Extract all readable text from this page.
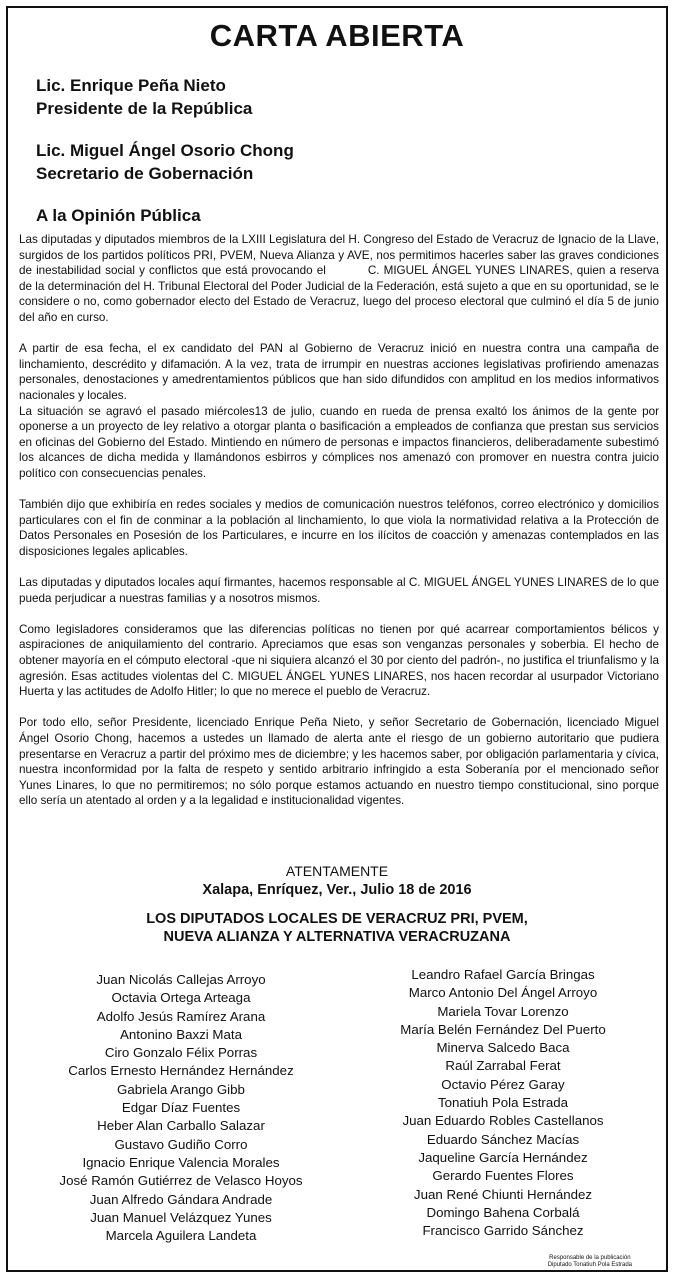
CARTA ABIERTA
Lic. Enrique Peña Nieto
Presidente de la República
Lic. Miguel Ángel Osorio Chong
Secretario de Gobernación
A la Opinión Pública

Las diputadas y diputados miembros de la LXIII Legislatura del H. Congreso del Estado de Veracruz de Ignacio de la Llave, surgidos de los partidos políticos PRI, PVEM, Nueva Alianza y AVE, nos permitimos hacerles saber las graves condiciones de inestabilidad social y conflictos que está provocando el	C. MIGUEL ÁNGEL YUNES LINARES, quien a reserva de la determinación del H. Tribunal Electoral del Poder Judicial de la Federación, está sujeto a que en su oportunidad, se le considere o no, como gobernador electo del Estado de Veracruz, luego del proceso electoral que culminó el día 5 de junio del año en curso.

A partir de esa fecha, el ex candidato del PAN al Gobierno de Veracruz inició en nuestra contra una campaña de linchamiento, descrédito y difamación. A la vez, trata de irrumpir en nuestras acciones legislativas profiriendo amenazas personales, denostaciones y amedrentamientos públicos que han sido difundidos con amplitud en los medios informativos nacionales y locales.

La situación se agravó el pasado miércoles13 de julio, cuando en rueda de prensa exaltó los ánimos de la gente por oponerse a un proyecto de ley relativo a otorgar planta o basificación a empleados de confianza que prestan sus servicios en oficinas del Gobierno del Estado. Mintiendo en número de personas e impactos financieros, deliberadamente subestimó los alcances de dicha medida y llamándonos esbirros y cómplices nos amenazó con promover en nuestra contra juicio político con consecuencias penales.

También dijo que exhibiría en redes sociales y medios de comunicación nuestros teléfonos, correo electrónico y domicilios particulares con el fin de conminar a la población al linchamiento, lo que viola la normatividad relativa a la Protección de Datos Personales en Posesión de los Particulares, e incurre en los ilícitos de coacción y amenazas contemplados en las disposiciones legales aplicables.

Las diputadas y diputados locales aquí firmantes, hacemos responsable al C. MIGUEL ÁNGEL YUNES LINARES de lo que pueda perjudicar a nuestras familias y a nosotros mismos.

Como legisladores consideramos que las diferencias políticas no tienen por qué acarrear comportamientos bélicos y aspiraciones de aniquilamiento del contrario. Apreciamos que esas son venganzas personales y soberbia. El hecho de obtener mayoría en el cómputo electoral -que ni siquiera alcanzó el 30 por ciento del padrón-, no justifica el triunfalismo y la agresión. Esas actitudes violentas del C. MIGUEL ÁNGEL YUNES LINARES, nos hacen recordar al usurpador Victoriano Huerta y las actitudes de Adolfo Hitler; lo que no merece el pueblo de Veracruz.

Por todo ello, señor Presidente, licenciado Enrique Peña Nieto, y señor Secretario de Gobernación, licenciado Miguel Ángel Osorio Chong, hacemos a ustedes un llamado de alerta ante el riesgo de un gobierno autoritario que pudiera presentarse en Veracruz a partir del próximo mes de diciembre; y les hacemos saber, por obligación parlamentaria y cívica, nuestra inconformidad por la falta de respeto y sentido arbitrario infringido a esta Soberanía por el mencionado señor Yunes Linares, lo que no permitiremos; no sólo porque estamos actuando en nuestro tiempo constitucional, sino porque ello sería un atentado al orden y a la legalidad e institucionalidad vigentes.

ATENTAMENTE
Xalapa, Enríquez, Ver., Julio 18 de 2016
LOS DIPUTADOS LOCALES DE VERACRUZ PRI, PVEM,
NUEVA ALIANZA Y ALTERNATIVA VERACRUZANA
Juan Nicolás Callejas Arroyo
Octavia Ortega Arteaga
Adolfo Jesús Ramírez Arana
Antonino Baxzi Mata
Ciro Gonzalo Félix Porras
Carlos Ernesto Hernández Hernández
Gabriela Arango Gibb
Edgar Díaz Fuentes
Heber Alan Carballo Salazar
Gustavo Gudiño Corro
Ignacio Enrique Valencia Morales
José Ramón Gutiérrez de Velasco Hoyos
Juan Alfredo Gándara Andrade
Juan Manuel Velázquez Yunes
Marcela Aguilera Landeta
Leandro Rafael García Bringas
Marco Antonio Del Ángel Arroyo
Mariela Tovar Lorenzo
María Belén Fernández Del Puerto
Minerva Salcedo Baca
Raúl Zarrabal Ferat
Octavio Pérez Garay
Tonatiuh Pola Estrada
Juan Eduardo Robles Castellanos
Eduardo Sánchez Macías
Jaqueline García Hernández
Gerardo Fuentes Flores
Juan René Chiunti Hernández
Domingo Bahena Corbalá
Francisco Garrido Sánchez
Responsable de la publicación
Diputado Tonatiuh Pola Estrada
